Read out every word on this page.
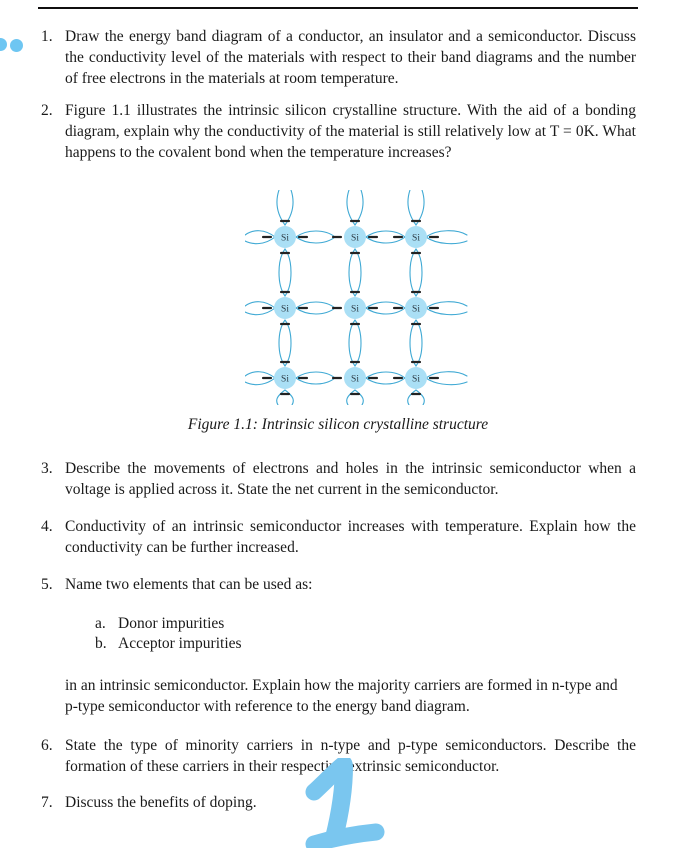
1. Draw the energy band diagram of a conductor, an insulator and a semiconductor. Discuss the conductivity level of the materials with respect to their band diagrams and the number of free electrons in the materials at room temperature.
2. Figure 1.1 illustrates the intrinsic silicon crystalline structure. With the aid of a bonding diagram, explain why the conductivity of the material is still relatively low at T = 0K. What happens to the covalent bond when the temperature increases?
Si	Si	Si
Si	Si	Si
Si	Si	Si
Figure 1.1: Intrinsic silicon crystalline structure
3. Describe the movements of electrons and holes in the intrinsic semiconductor when a voltage is applied across it. State the net current in the semiconductor.
4. Conductivity of an intrinsic semiconductor increases with temperature. Explain how the conductivity can be further increased.
5. Name two elements that can be used as:
a. Donor impurities
b. Acceptor impurities
in an intrinsic semiconductor. Explain how the majority carriers are formed in n-type and p-type semiconductor with reference to the energy band diagram.
6. State the type of minority carriers in n-type and p-type semiconductors. Describe the formation of these carriers in their respective extrinsic semiconductor.
7. Discuss the benefits of doping.
